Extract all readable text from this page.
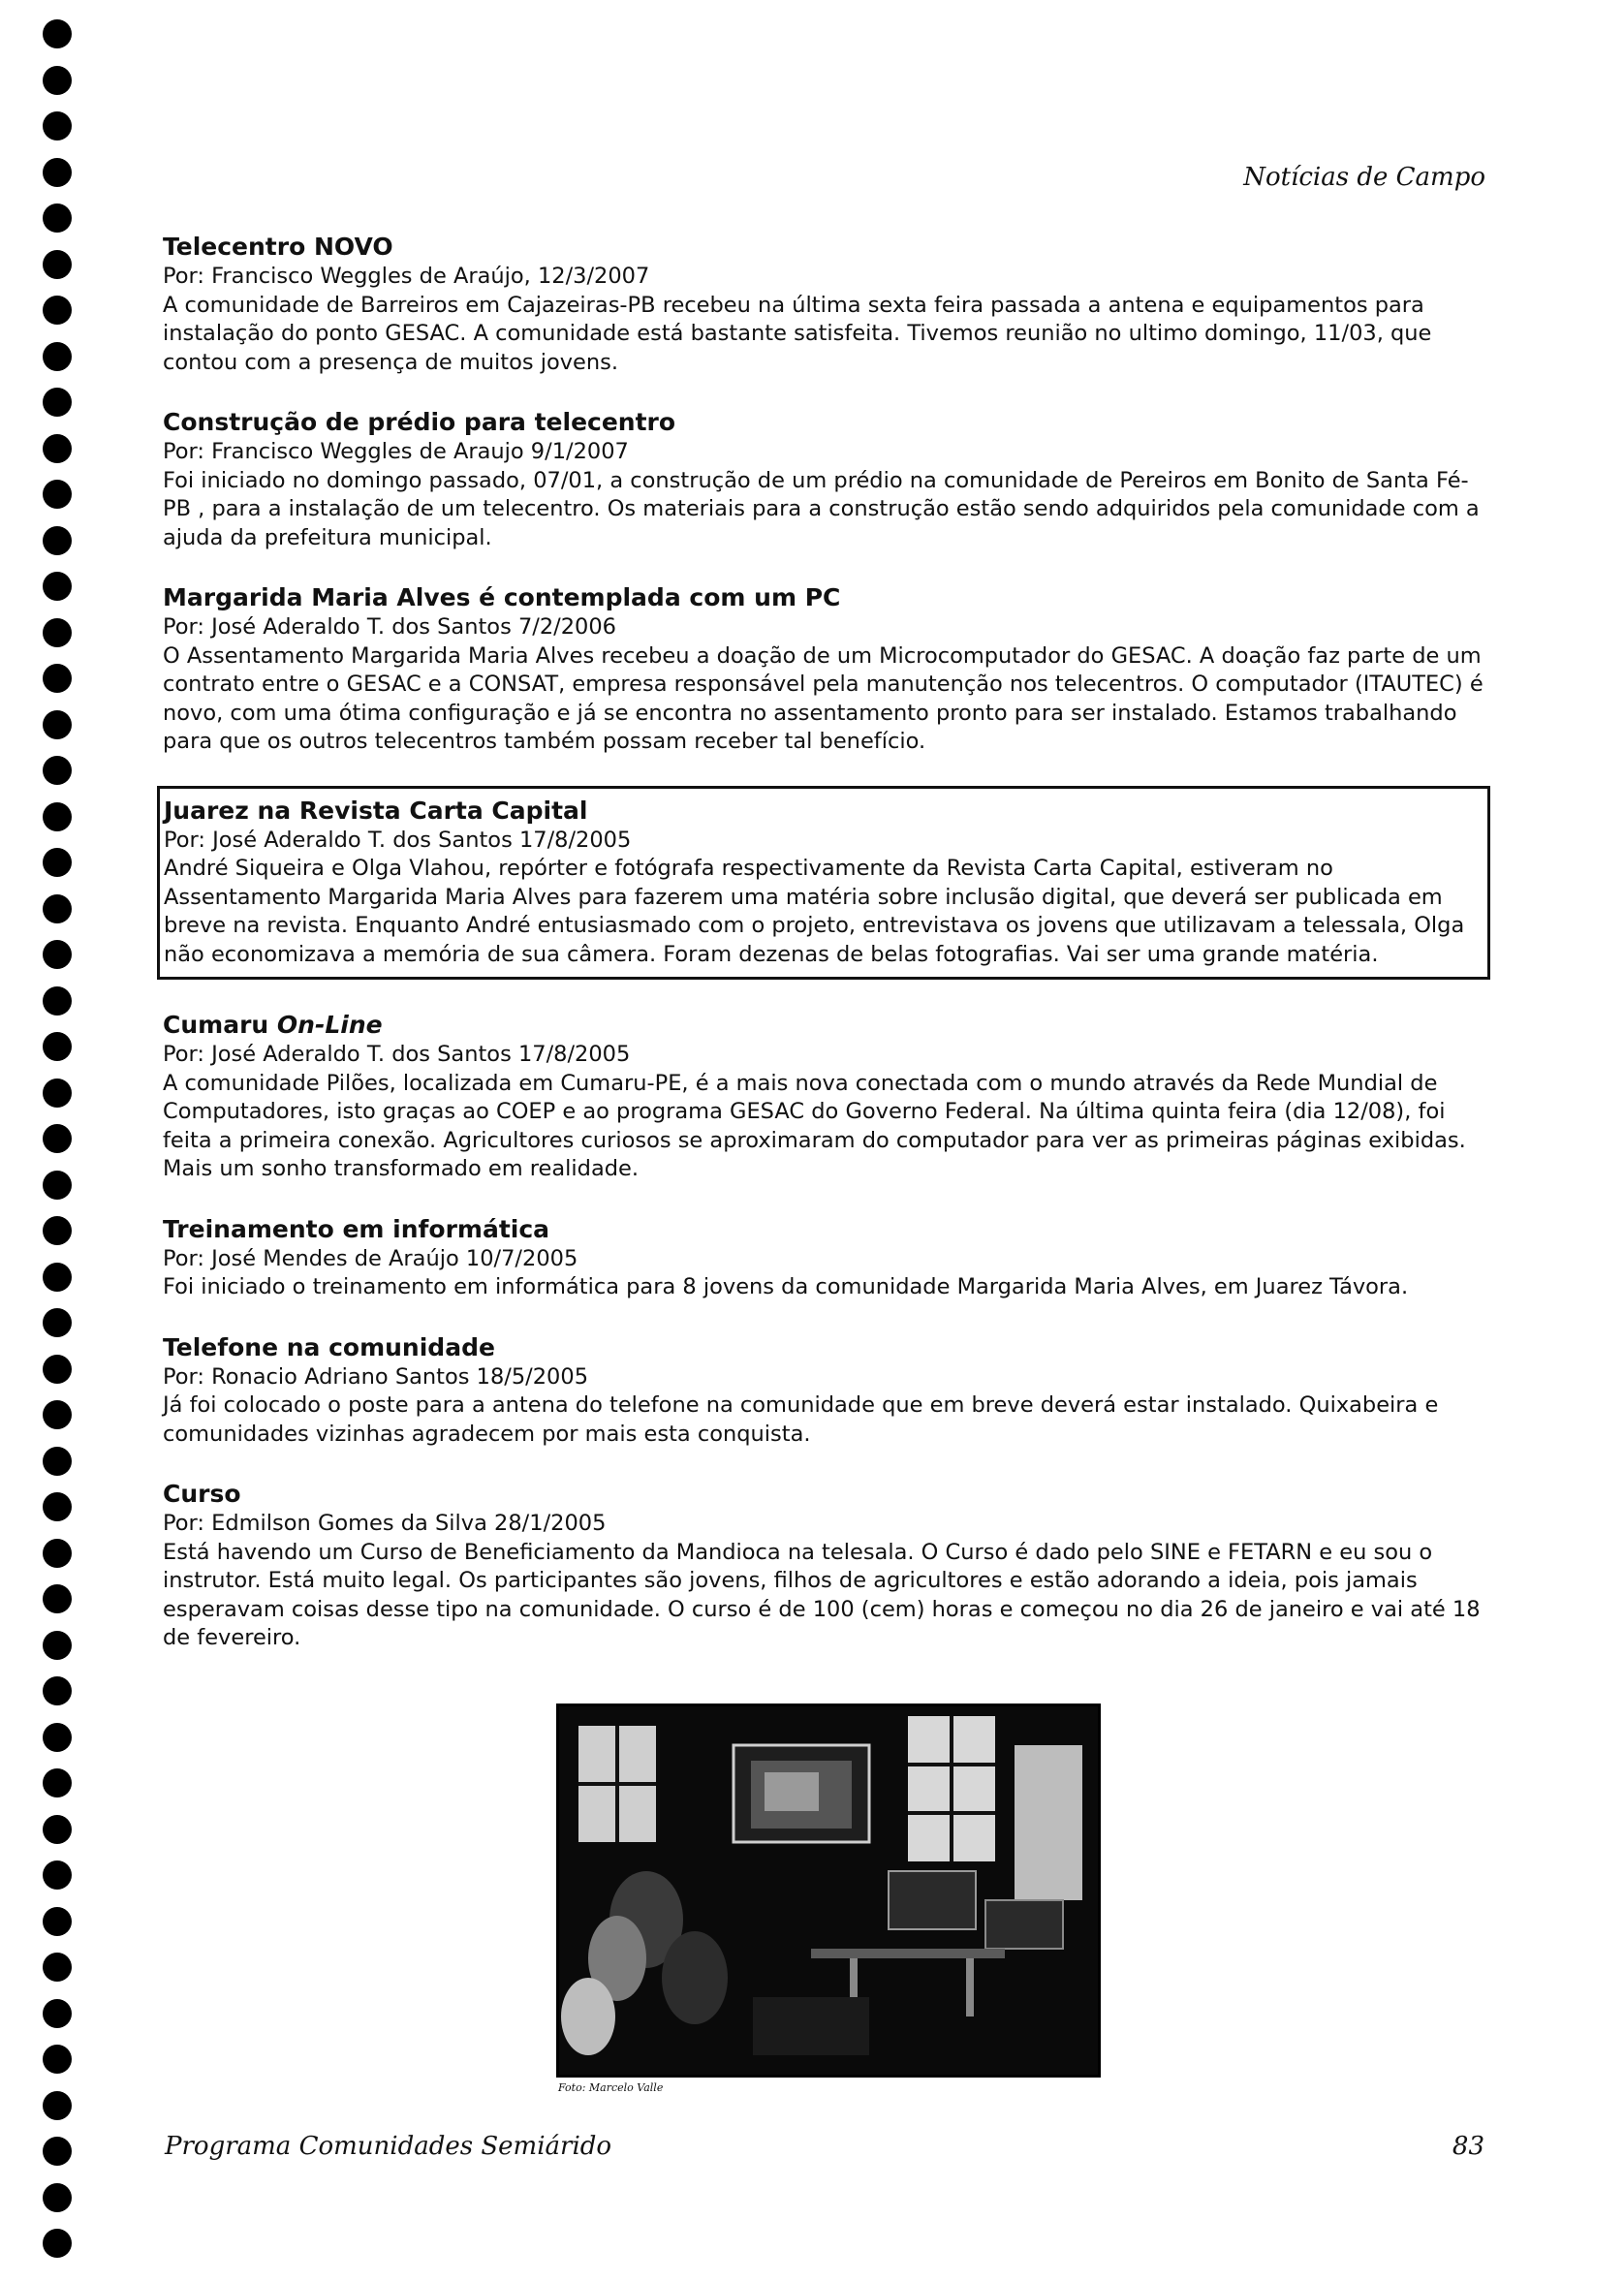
Notícias de Campo
Telecentro NOVO

Por: Francisco Weggles de Araújo, 12/3/2007

A comunidade de Barreiros em Cajazeiras-PB recebeu na última sexta feira passada a antena e equipamentos para instalação do ponto GESAC. A comunidade está bastante satisfeita. Tivemos reunião no ultimo domingo, 11/03, que contou com a presença de muitos jovens.

Construção de prédio para telecentro

Por: Francisco Weggles de Araujo 9/1/2007

Foi iniciado no domingo passado, 07/01, a construção de um prédio na comunidade de Pereiros em Bonito de Santa Fé-PB , para a instalação de um telecentro. Os materiais para a construção estão sendo adquiridos pela comunidade com a ajuda da prefeitura municipal.

Margarida Maria Alves é contemplada com um PC

Por: José Aderaldo T. dos Santos 7/2/2006

O Assentamento Margarida Maria Alves recebeu a doação de um Microcomputador do GESAC. A doação faz parte de um contrato entre o GESAC e a CONSAT, empresa responsável pela manutenção nos telecentros. O computador (ITAUTEC) é novo, com uma ótima configuração e já se encontra no assentamento pronto para ser instalado. Estamos trabalhando para que os outros telecentros também possam receber tal benefício.

Juarez na Revista Carta Capital

Por: José Aderaldo T. dos Santos 17/8/2005

André Siqueira e Olga Vlahou, repórter e fotógrafa respectivamente da Revista Carta Capital, estiveram no Assentamento Margarida Maria Alves para fazerem uma matéria sobre inclusão digital, que deverá ser publicada em breve na revista. Enquanto André entusiasmado com o projeto, entrevistava os jovens que utilizavam a telessala, Olga não economizava a memória de sua câmera. Foram dezenas de belas fotografias. Vai ser uma grande matéria.

Cumaru On-Line

Por: José Aderaldo T. dos Santos 17/8/2005

A comunidade Pilões, localizada em Cumaru-PE, é a mais nova conectada com o mundo através da Rede Mundial de Computadores, isto graças ao COEP e ao programa GESAC do Governo Federal. Na última quinta feira (dia 12/08), foi feita a primeira conexão. Agricultores curiosos se aproximaram do computador para ver as primeiras páginas exibidas. Mais um sonho transformado em realidade.

Treinamento em informática

Por: José Mendes de Araújo 10/7/2005

Foi iniciado o treinamento em informática para 8 jovens da comunidade Margarida Maria Alves, em Juarez Távora.

Telefone na comunidade

Por: Ronacio Adriano Santos 18/5/2005

Já foi colocado o poste para a antena do telefone na comunidade que em breve deverá estar instalado. Quixabeira e comunidades vizinhas agradecem por mais esta conquista.

Curso

Por: Edmilson Gomes da Silva 28/1/2005

Está havendo um Curso de Beneficiamento da Mandioca na telesala. O Curso é dado pelo SINE e FETARN e eu sou o instrutor. Está muito legal. Os participantes são jovens, filhos de agricultores e estão adorando a ideia, pois jamais esperavam coisas desse tipo na comunidade. O curso é de 100 (cem) horas e começou no dia 26 de janeiro e vai até 18 de fevereiro.

Foto: Marcelo Valle
Programa Comunidades Semiárido	83
